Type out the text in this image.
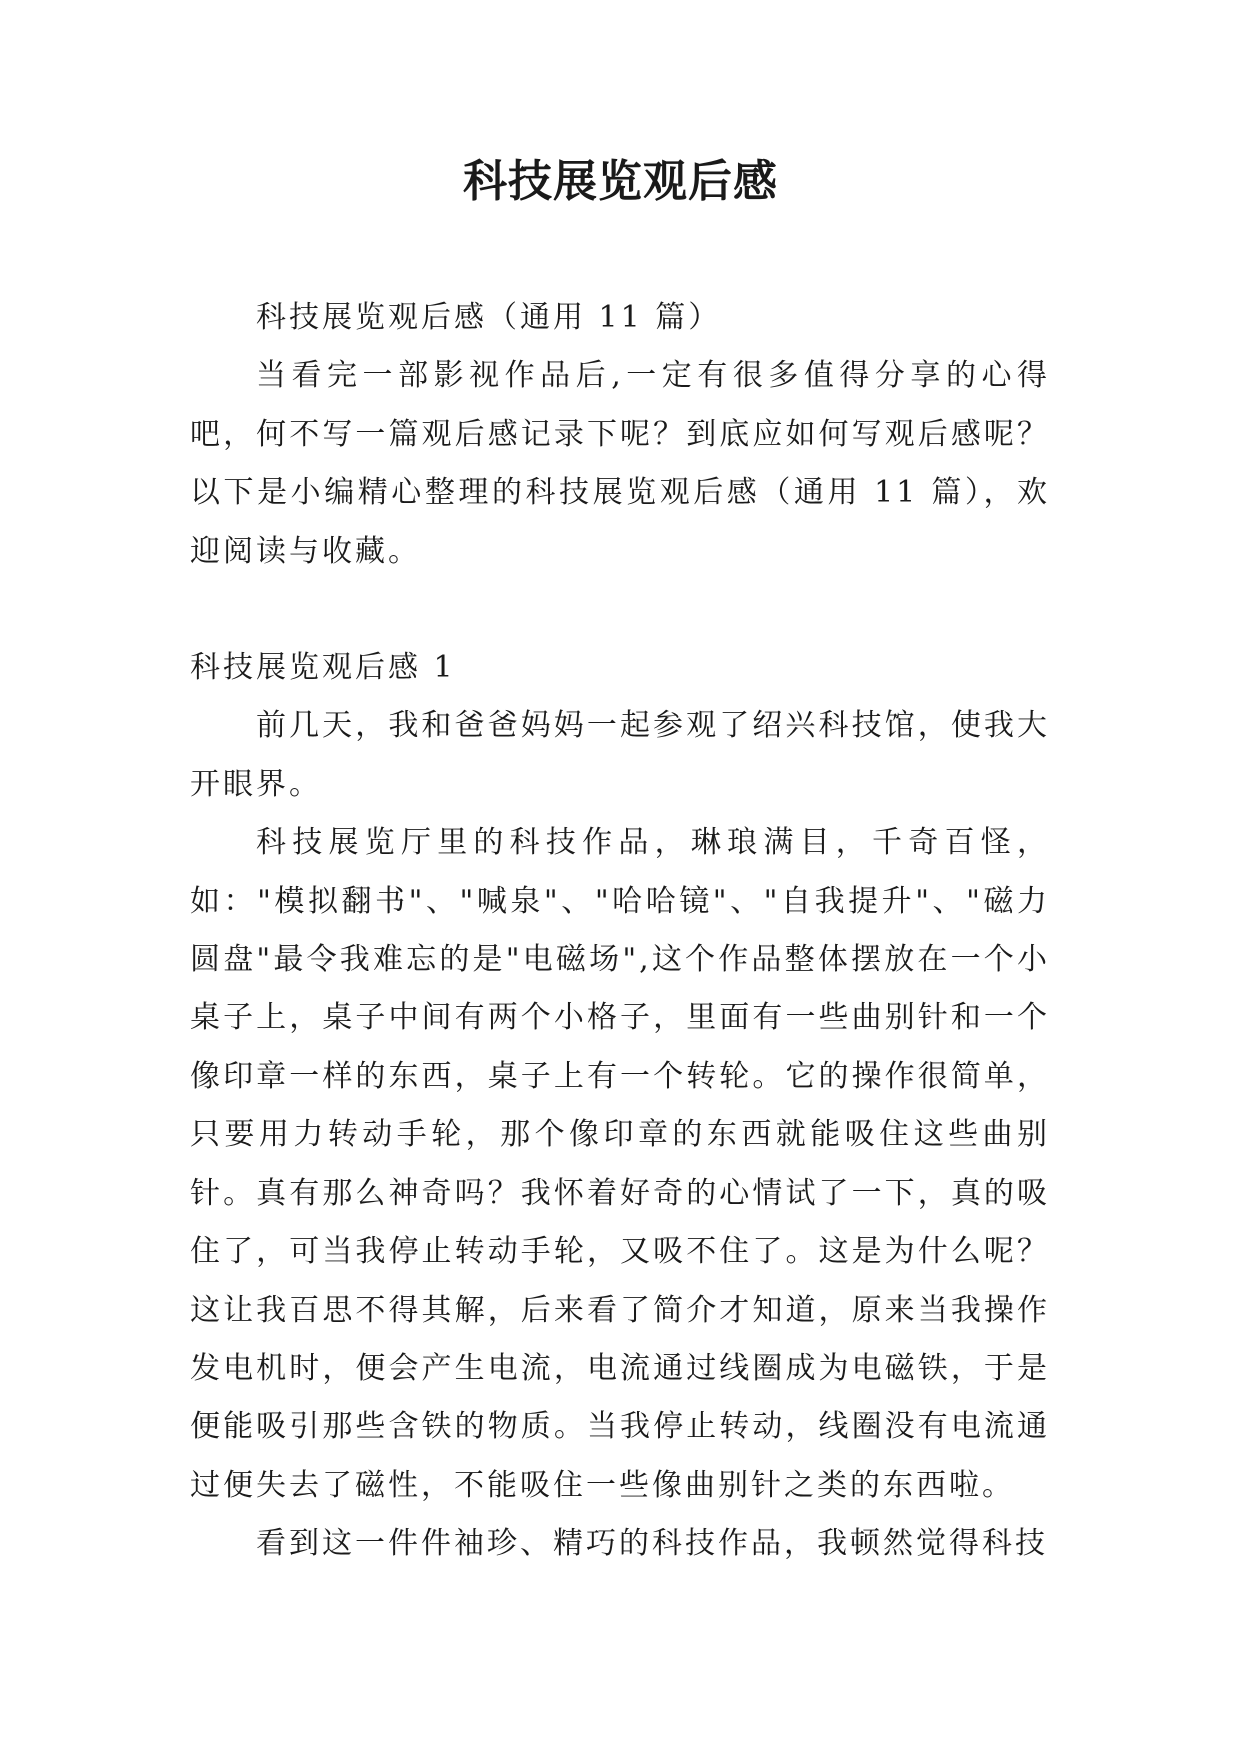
科技展览观后感

科技展览观后感（通用 11 篇）

当看完一部影视作品后,一定有很多值得分享的心得吧，何不写一篇观后感记录下呢？到底应如何写观后感呢？以下是小编精心整理的科技展览观后感（通用 11 篇），欢迎阅读与收藏。

科技展览观后感 1

前几天，我和爸爸妈妈一起参观了绍兴科技馆，使我大开眼界。

科技展览厅里的科技作品，琳琅满目，千奇百怪，如："模拟翻书"、"喊泉"、"哈哈镜"、"自我提升"、"磁力圆盘"最令我难忘的是"电磁场",这个作品整体摆放在一个小桌子上，桌子中间有两个小格子，里面有一些曲别针和一个像印章一样的东西，桌子上有一个转轮。它的操作很简单，只要用力转动手轮，那个像印章的东西就能吸住这些曲别针。真有那么神奇吗？我怀着好奇的心情试了一下，真的吸住了，可当我停止转动手轮，又吸不住了。这是为什么呢？这让我百思不得其解，后来看了简介才知道，原来当我操作发电机时，便会产生电流，电流通过线圈成为电磁铁，于是便能吸引那些含铁的物质。当我停止转动，线圈没有电流通过便失去了磁性，不能吸住一些像曲别针之类的东西啦。

看到这一件件袖珍、精巧的科技作品，我顿然觉得科技
